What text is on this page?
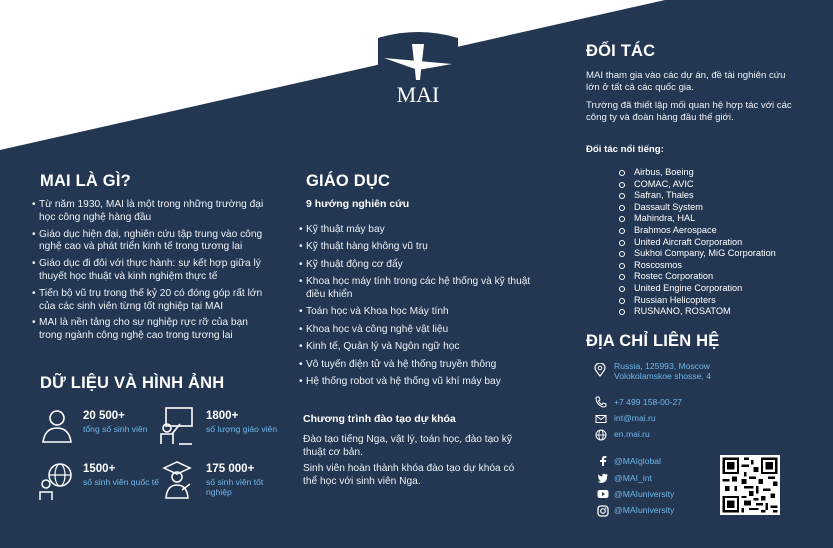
MAI MOSCOW
AVIATION
INSTITUTE
NATIONAL
RESEARCH
UNIVERSITY
MAI LÀ GÌ?
• Từ năm 1930, MAI là một trong những trường đại học công nghệ hàng đầu
• Giáo dục hiện đại, nghiên cứu tập trung vào công nghệ cao và phát triển kinh tế trong tương lai
• Giáo dục đi đôi với thực hành: sự kết hợp giữa lý thuyết học thuật và kinh nghiệm thực tế
• Tiến bộ vũ trụ trong thế kỷ 20 có đóng góp rất lớn của các sinh viên từng tốt nghiệp tại MAI
• MAI là nền tảng cho sự nghiệp rực rỡ của bạn trong ngành công nghệ cao trong tương lai
DỮ LIỆU VÀ HÌNH ẢNH
20 500+
tổng số sinh viên
1800+
số lượng giáo viên
1500+
số sinh viên quốc tế
175 000+
số sinh viên tốt nghiệp
GIÁO DỤC
9 hướng nghiên cứu
• Kỹ thuật máy bay
• Kỹ thuật hàng không vũ trụ
• Kỹ thuật động cơ đẩy
• Khoa học máy tính trong các hệ thống và kỹ thuật điều khiển
• Toán học và Khoa học Máy tính
• Khoa học và công nghệ vật liệu
• Kinh tế, Quản lý và Ngôn ngữ học
• Vô tuyến điện tử và hệ thống truyền thông
• Hệ thống robot và hệ thống vũ khí máy bay
Chương trình đào tạo dự khóa

Đào tạo tiếng Nga, vật lý, toán học, đào tạo kỹ thuật cơ bản.

Sinh viên hoàn thành khóa đào tạo dự khóa có thể học với sinh viên Nga.

ĐỐI TÁC

MAI tham gia vào các dự án, đề tài nghiên cứu lớn ở tất cả các quốc gia.

Trường đã thiết lập mối quan hệ hợp tác với các công ty và đoàn hàng đầu thế giới.

Đối tác nổi tiếng:
Airbus, Boeing
COMAC, AVIC
Safran, Thales
Dassault System
Mahindra, HAL
Brahmos Aerospace
United Aircraft Corporation
Sukhoi Company, MiG Corporation
Roscosmos
Rostec Corporation
United Engine Corporation
Russian Helicopters
RUSNANO, ROSATOM
ĐỊA CHỈ LIÊN HỆ
Russia, 125993, Moscow
Volokolamskoe shosse, 4
+7 499 158-00-27
int@mai.ru
en.mai.ru
@MAIglobal
@MAI_int
@MAIuniversity
@MAIuniversity
